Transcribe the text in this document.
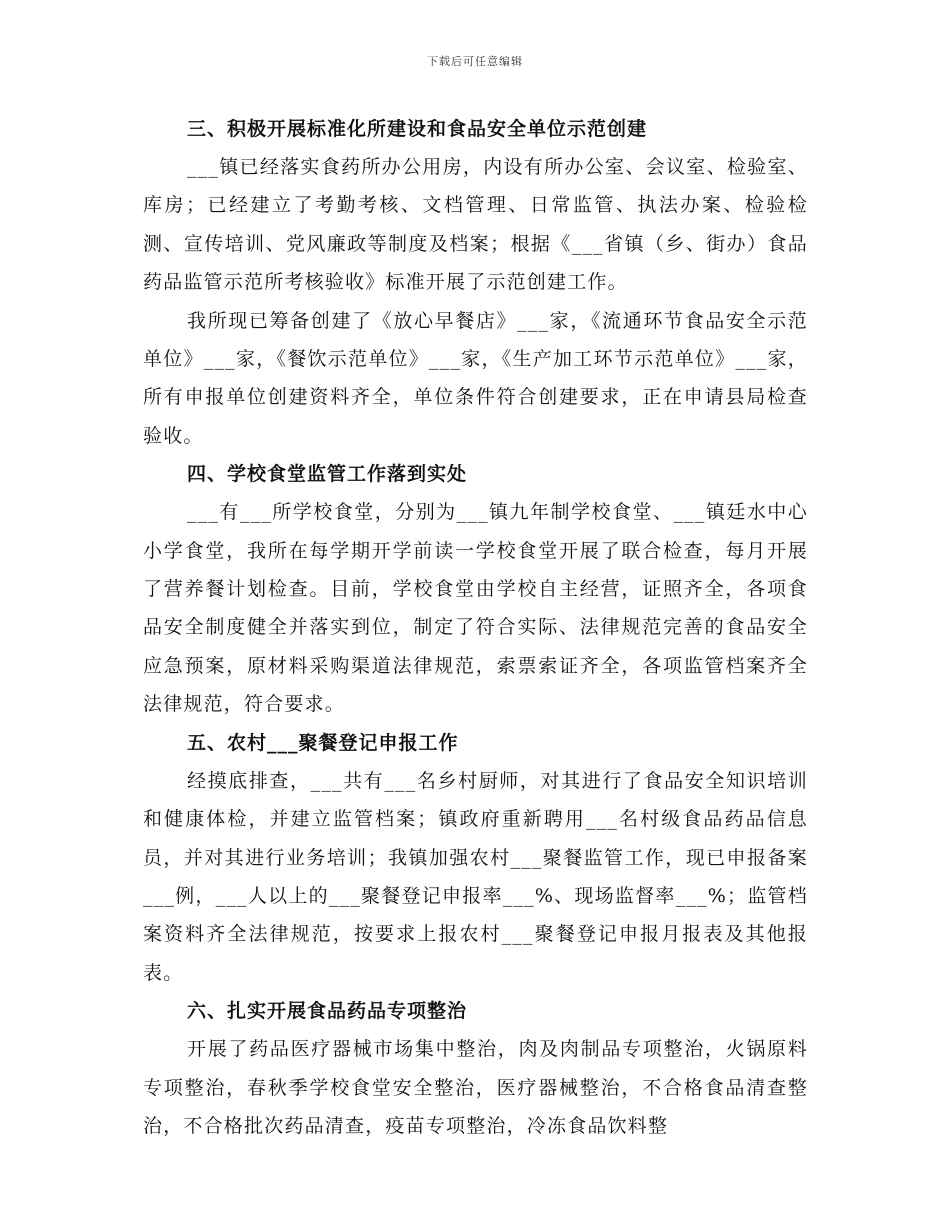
下载后可任意编辑
三、积极开展标准化所建设和食品安全单位示范创建

___镇已经落实食药所办公用房，内设有所办公室、会议室、检验室、库房；已经建立了考勤考核、文档管理、日常监管、执法办案、检验检测、宣传培训、党风廉政等制度及档案；根据《___省镇（乡、街办）食品药品监管示范所考核验收》标准开展了示范创建工作。

我所现已筹备创建了《放心早餐店》___家，《流通环节食品安全示范单位》___家，《餐饮示范单位》___家，《生产加工环节示范单位》___家，所有申报单位创建资料齐全，单位条件符合创建要求，正在申请县局检查验收。

四、学校食堂监管工作落到实处

___有___所学校食堂，分别为___镇九年制学校食堂、___镇廷水中心小学食堂，我所在每学期开学前读一学校食堂开展了联合检查，每月开展了营养餐计划检查。目前，学校食堂由学校自主经营，证照齐全，各项食品安全制度健全并落实到位，制定了符合实际、法律规范完善的食品安全应急预案，原材料采购渠道法律规范，索票索证齐全，各项监管档案齐全法律规范，符合要求。

五、农村___聚餐登记申报工作

经摸底排查，___共有___名乡村厨师，对其进行了食品安全知识培训和健康体检，并建立监管档案；镇政府重新聘用___名村级食品药品信息员，并对其进行业务培训；我镇加强农村___聚餐监管工作，现已申报备案___例，___人以上的___聚餐登记申报率___%、现场监督率___%；监管档案资料齐全法律规范，按要求上报农村___聚餐登记申报月报表及其他报表。

六、扎实开展食品药品专项整治

开展了药品医疗器械市场集中整治，肉及肉制品专项整治，火锅原料专项整治，春秋季学校食堂安全整治，医疗器械整治，不合格食品清查整治，不合格批次药品清查，疫苗专项整治，冷冻食品饮料整
